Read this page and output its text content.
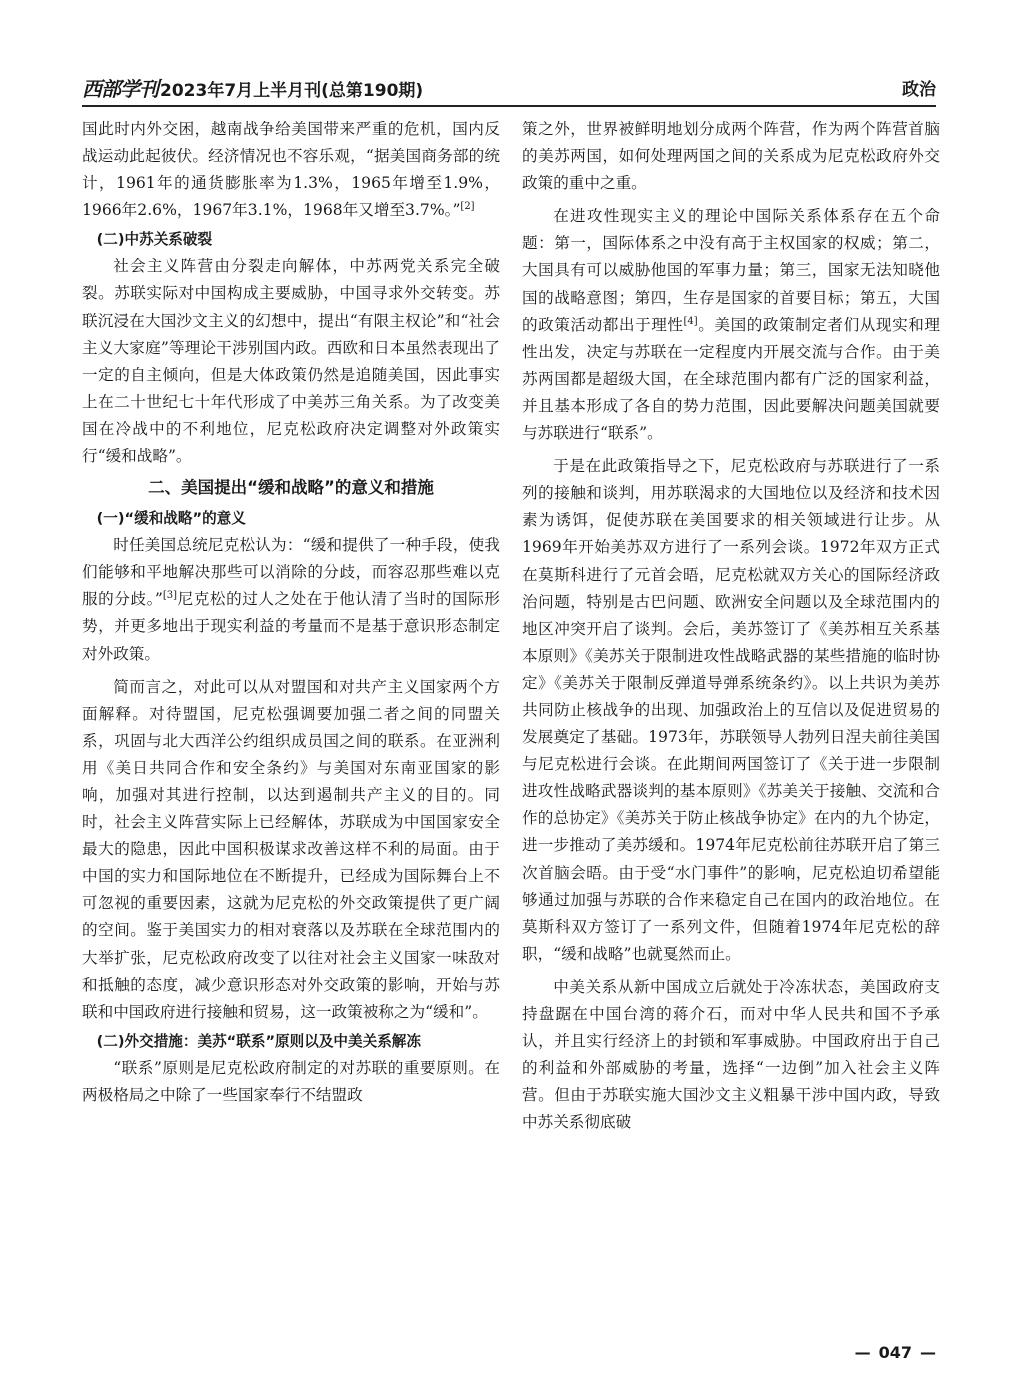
西部学刊 2023年7月上半月刊(总第190期)	政治

国此时内外交困，越南战争给美国带来严重的危机，国内反战运动此起彼伏。经济情况也不容乐观，“据美国商务部的统计，1961年的通货膨胀率为1.3%，1965年增至1.9%，1966年2.6%，1967年3.1%，1968年又增至3.7%。”[2]

(二)中苏关系破裂

社会主义阵营由分裂走向解体，中苏两党关系完全破裂。苏联实际对中国构成主要威胁，中国寻求外交转变。苏联沉浸在大国沙文主义的幻想中，提出“有限主权论”和“社会主义大家庭”等理论干涉别国内政。西欧和日本虽然表现出了一定的自主倾向，但是大体政策仍然是追随美国，因此事实上在二十世纪七十年代形成了中美苏三角关系。为了改变美国在冷战中的不利地位，尼克松政府决定调整对外政策实行“缓和战略”。

二、美国提出“缓和战略”的意义和措施
(一)“缓和战略”的意义

时任美国总统尼克松认为：“缓和提供了一种手段，使我们能够和平地解决那些可以消除的分歧，而容忍那些难以克服的分歧。”[3]尼克松的过人之处在于他认清了当时的国际形势，并更多地出于现实利益的考量而不是基于意识形态制定对外政策。

简而言之，对此可以从对盟国和对共产主义国家两个方面解释。对待盟国，尼克松强调要加强二者之间的同盟关系，巩固与北大西洋公约组织成员国之间的联系。在亚洲利用《美日共同合作和安全条约》与美国对东南亚国家的影响，加强对其进行控制，以达到遏制共产主义的目的。同时，社会主义阵营实际上已经解体，苏联成为中国国家安全最大的隐患，因此中国积极谋求改善这样不利的局面。由于中国的实力和国际地位在不断提升，已经成为国际舞台上不可忽视的重要因素，这就为尼克松的外交政策提供了更广阔的空间。鉴于美国实力的相对衰落以及苏联在全球范围内的大举扩张，尼克松政府改变了以往对社会主义国家一味敌对和抵触的态度，减少意识形态对外交政策的影响，开始与苏联和中国政府进行接触和贸易，这一政策被称之为“缓和”。

(二)外交措施：美苏“联系”原则以及中美关系解冻

“联系”原则是尼克松政府制定的对苏联的重要原则。在两极格局之中除了一些国家奉行不结盟政

策之外，世界被鲜明地划分成两个阵营，作为两个阵营首脑的美苏两国，如何处理两国之间的关系成为尼克松政府外交政策的重中之重。

在进攻性现实主义的理论中国际关系体系存在五个命题：第一，国际体系之中没有高于主权国家的权威；第二，大国具有可以威胁他国的军事力量；第三，国家无法知晓他国的战略意图；第四，生存是国家的首要目标；第五，大国的政策活动都出于理性[4]。美国的政策制定者们从现实和理性出发，决定与苏联在一定程度内开展交流与合作。由于美苏两国都是超级大国，在全球范围内都有广泛的国家利益，并且基本形成了各自的势力范围，因此要解决问题美国就要与苏联进行“联系”。

于是在此政策指导之下，尼克松政府与苏联进行了一系列的接触和谈判，用苏联渴求的大国地位以及经济和技术因素为诱饵，促使苏联在美国要求的相关领域进行让步。从1969年开始美苏双方进行了一系列会谈。1972年双方正式在莫斯科进行了元首会晤，尼克松就双方关心的国际经济政治问题，特别是古巴问题、欧洲安全问题以及全球范围内的地区冲突开启了谈判。会后，美苏签订了《美苏相互关系基本原则》《美苏关于限制进攻性战略武器的某些措施的临时协定》《美苏关于限制反弹道导弹系统条约》。以上共识为美苏共同防止核战争的出现、加强政治上的互信以及促进贸易的发展奠定了基础。1973年，苏联领导人勃列日涅夫前往美国与尼克松进行会谈。在此期间两国签订了《关于进一步限制进攻性战略武器谈判的基本原则》《苏美关于接触、交流和合作的总协定》《美苏关于防止核战争协定》在内的九个协定，进一步推动了美苏缓和。1974年尼克松前往苏联开启了第三次首脑会晤。由于受“水门事件”的影响，尼克松迫切希望能够通过加强与苏联的合作来稳定自己在国内的政治地位。在莫斯科双方签订了一系列文件，但随着1974年尼克松的辞职，“缓和战略”也就戛然而止。

中美关系从新中国成立后就处于冷冻状态，美国政府支持盘踞在中国台湾的蒋介石，而对中华人民共和国不予承认，并且实行经济上的封锁和军事威胁。中国政府出于自己的利益和外部威胁的考量，选择“一边倒”加入社会主义阵营。但由于苏联实施大国沙文主义粗暴干涉中国内政，导致中苏关系彻底破

— 047 —
